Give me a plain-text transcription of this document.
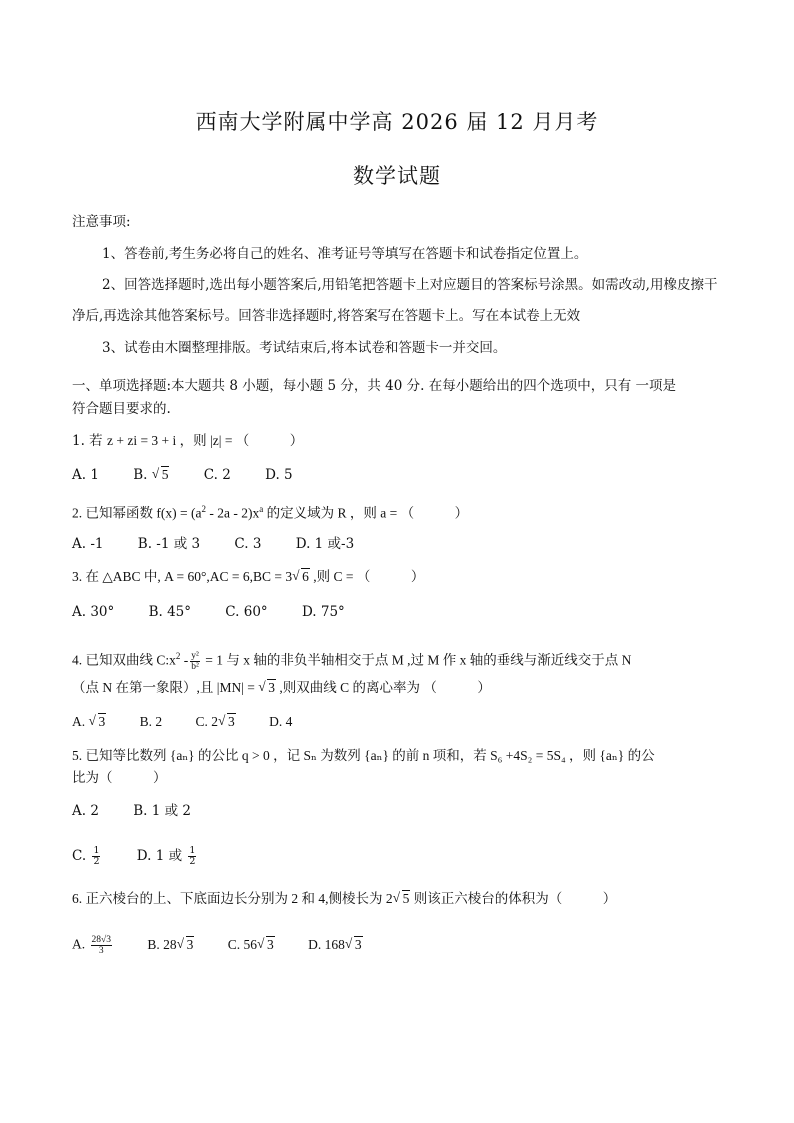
西南大学附属中学高 2026 届 12 月月考
数学试题
注意事项:
1、答卷前,考生务必将自己的姓名、准考证号等填写在答题卡和试卷指定位置上。
2、回答选择题时,选出每小题答案后,用铅笔把答题卡上对应题目的答案标号涂黑。如需改动,用橡皮擦干
净后,再选涂其他答案标号。回答非选择题时,将答案写在答题卡上。写在本试卷上无效
3、试卷由木圈整理排版。考试结束后,将本试卷和答题卡一并交回。
一、单项选择题:本大题共 8 小题，每小题 5 分，共 40 分. 在每小题给出的四个选项中，只有 一项是
符合题目要求的.
1. 若 z + zi = 3 + i ，则 |z| = （　　　）
A. 1	B. √ 5	C. 2	D. 5
2. 已知幂函数 $f(x) = (a^2 - 2a - 2)x^a$ 的定义域为 R ，则 a = （　　　）
A. -1	B. -1 或 3	C. 3	D. 1 或-3
3. 在 △ABC 中, A = 60°,AC = 6,BC = 3 √ 6 ,则 C = （　　　）
A. 30°	B. 45°	C. 60°	D. 75°
4. 已知双曲线 $C:x^2 - \frac{\text{y²}}{\text{b²}} = 1$ 与 x 轴的非负半轴相交于点 M ,过 M 作 x 轴的垂线与渐近线交于点 N
（点 N 在第一象限）,且 |MN| = √ 3 ,则双曲线 C 的离心率为 （　　　）
A. √ 3	B. 2 C. 2 √ 3	D. 4
5. 已知等比数列 {aₙ} 的公比 q > 0 ，记 Sₙ 为数列 {aₙ} 的前 n 项和，若 S₆ +4S₂ = 5S₄ ，则 {aₙ} 的公
比为（　　　）
A. 2	B. 1 或 2
C. $\frac{1}{2}$	D. 1 或 $\frac{1}{2}$
6. 正六棱台的上、下底面边长分别为 2 和 4,侧棱长为 2 √ 5 则该正六棱台的体积为（　　　）
A. $\frac{28√3}{3}$	B. 28 √ 3	C. 56 √ 3	D. 168 √ 3
